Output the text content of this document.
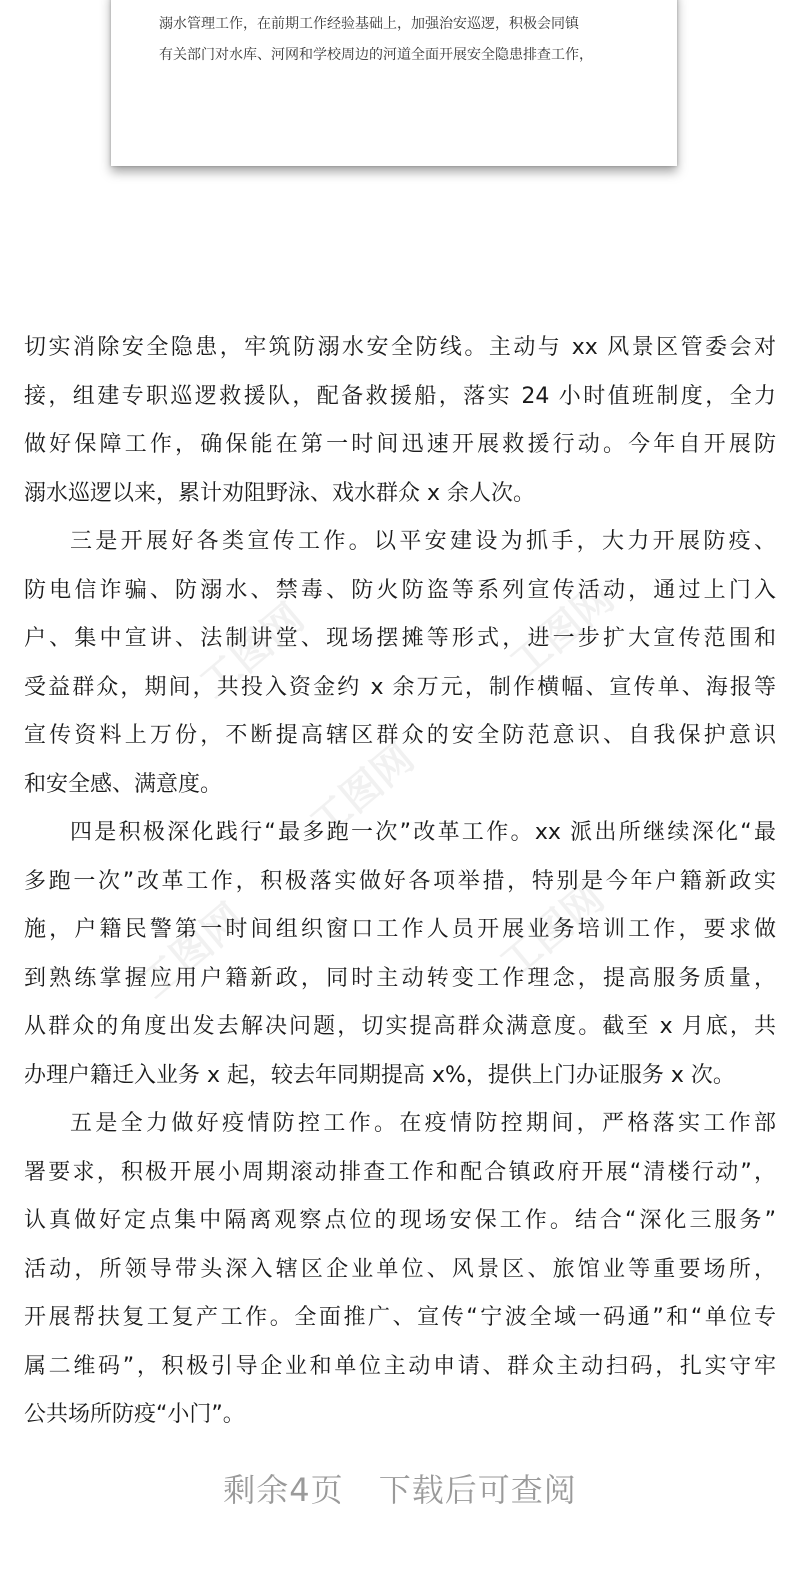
溺水管理工作，在前期工作经验基础上，加强治安巡逻，积极会同镇
有关部门对水库、河网和学校周边的河道全面开展安全隐患排查工作，
工图网	工图网
工图网
工图网	工图网
切实消除安全隐患，牢筑防溺水安全防线。主动与 xx 风景区管委会对
接，组建专职巡逻救援队，配备救援船，落实 24 小时值班制度，全力
做好保障工作，确保能在第一时间迅速开展救援行动。今年自开展防
溺水巡逻以来，累计劝阻野泳、戏水群众 x 余人次。
三是开展好各类宣传工作。以平安建设为抓手，大力开展防疫、
防电信诈骗、防溺水、禁毒、防火防盗等系列宣传活动，通过上门入
户、集中宣讲、法制讲堂、现场摆摊等形式，进一步扩大宣传范围和
受益群众，期间，共投入资金约 x 余万元，制作横幅、宣传单、海报等
宣传资料上万份，不断提高辖区群众的安全防范意识、自我保护意识
和安全感、满意度。
四是积极深化践行“最多跑一次”改革工作。xx 派出所继续深化“最
多跑一次”改革工作，积极落实做好各项举措，特别是今年户籍新政实
施，户籍民警第一时间组织窗口工作人员开展业务培训工作，要求做
到熟练掌握应用户籍新政，同时主动转变工作理念，提高服务质量，
从群众的角度出发去解决问题，切实提高群众满意度。截至 x 月底，共
办理户籍迁入业务 x 起，较去年同期提高 x%，提供上门办证服务 x 次。
五是全力做好疫情防控工作。在疫情防控期间，严格落实工作部
署要求，积极开展小周期滚动排查工作和配合镇政府开展“清楼行动”，
认真做好定点集中隔离观察点位的现场安保工作。结合“深化三服务”
活动，所领导带头深入辖区企业单位、风景区、旅馆业等重要场所，
开展帮扶复工复产工作。全面推广、宣传“宁波全域一码通”和“单位专
属二维码”，积极引导企业和单位主动申请、群众主动扫码，扎实守牢
公共场所防疫“小门”。
剩余4页 下载后可查阅
